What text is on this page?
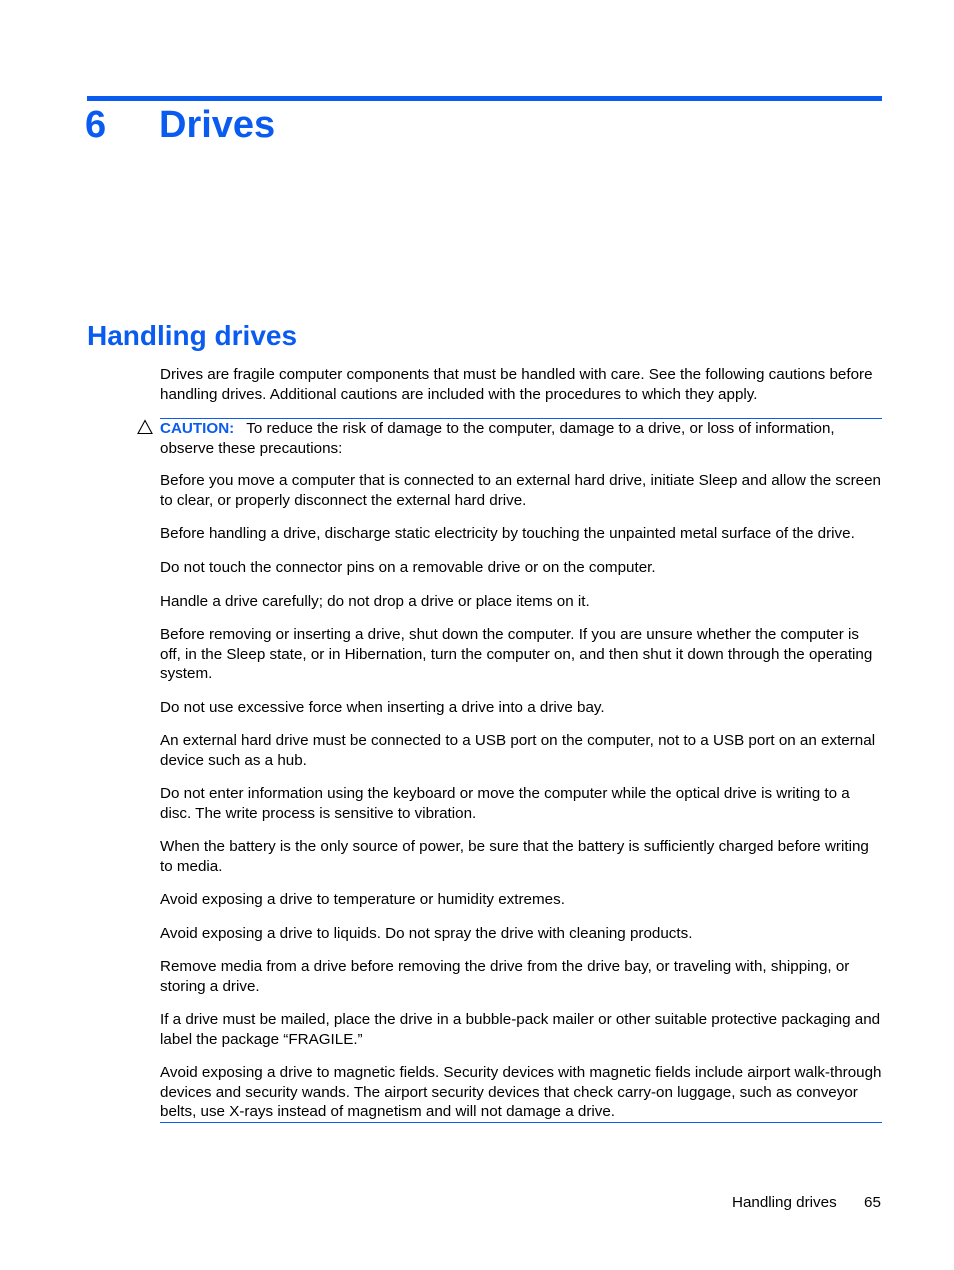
6 Drives
Handling drives

Drives are fragile computer components that must be handled with care. See the following cautions before handling drives. Additional cautions are included with the procedures to which they apply.

CAUTION: To reduce the risk of damage to the computer, damage to a drive, or loss of information, observe these precautions:

Before you move a computer that is connected to an external hard drive, initiate Sleep and allow the screen to clear, or properly disconnect the external hard drive.

Before handling a drive, discharge static electricity by touching the unpainted metal surface of the drive.

Do not touch the connector pins on a removable drive or on the computer.

Handle a drive carefully; do not drop a drive or place items on it.

Before removing or inserting a drive, shut down the computer. If you are unsure whether the computer is off, in the Sleep state, or in Hibernation, turn the computer on, and then shut it down through the operating system.

Do not use excessive force when inserting a drive into a drive bay.

An external hard drive must be connected to a USB port on the computer, not to a USB port on an external device such as a hub.

Do not enter information using the keyboard or move the computer while the optical drive is writing to a disc. The write process is sensitive to vibration.

When the battery is the only source of power, be sure that the battery is sufficiently charged before writing to media.

Avoid exposing a drive to temperature or humidity extremes.

Avoid exposing a drive to liquids. Do not spray the drive with cleaning products.

Remove media from a drive before removing the drive from the drive bay, or traveling with, shipping, or storing a drive.

If a drive must be mailed, place the drive in a bubble-pack mailer or other suitable protective packaging and label the package “FRAGILE.”

Avoid exposing a drive to magnetic fields. Security devices with magnetic fields include airport walk-through devices and security wands. The airport security devices that check carry-on luggage, such as conveyor belts, use X-rays instead of magnetism and will not damage a drive.

Handling drives 65
